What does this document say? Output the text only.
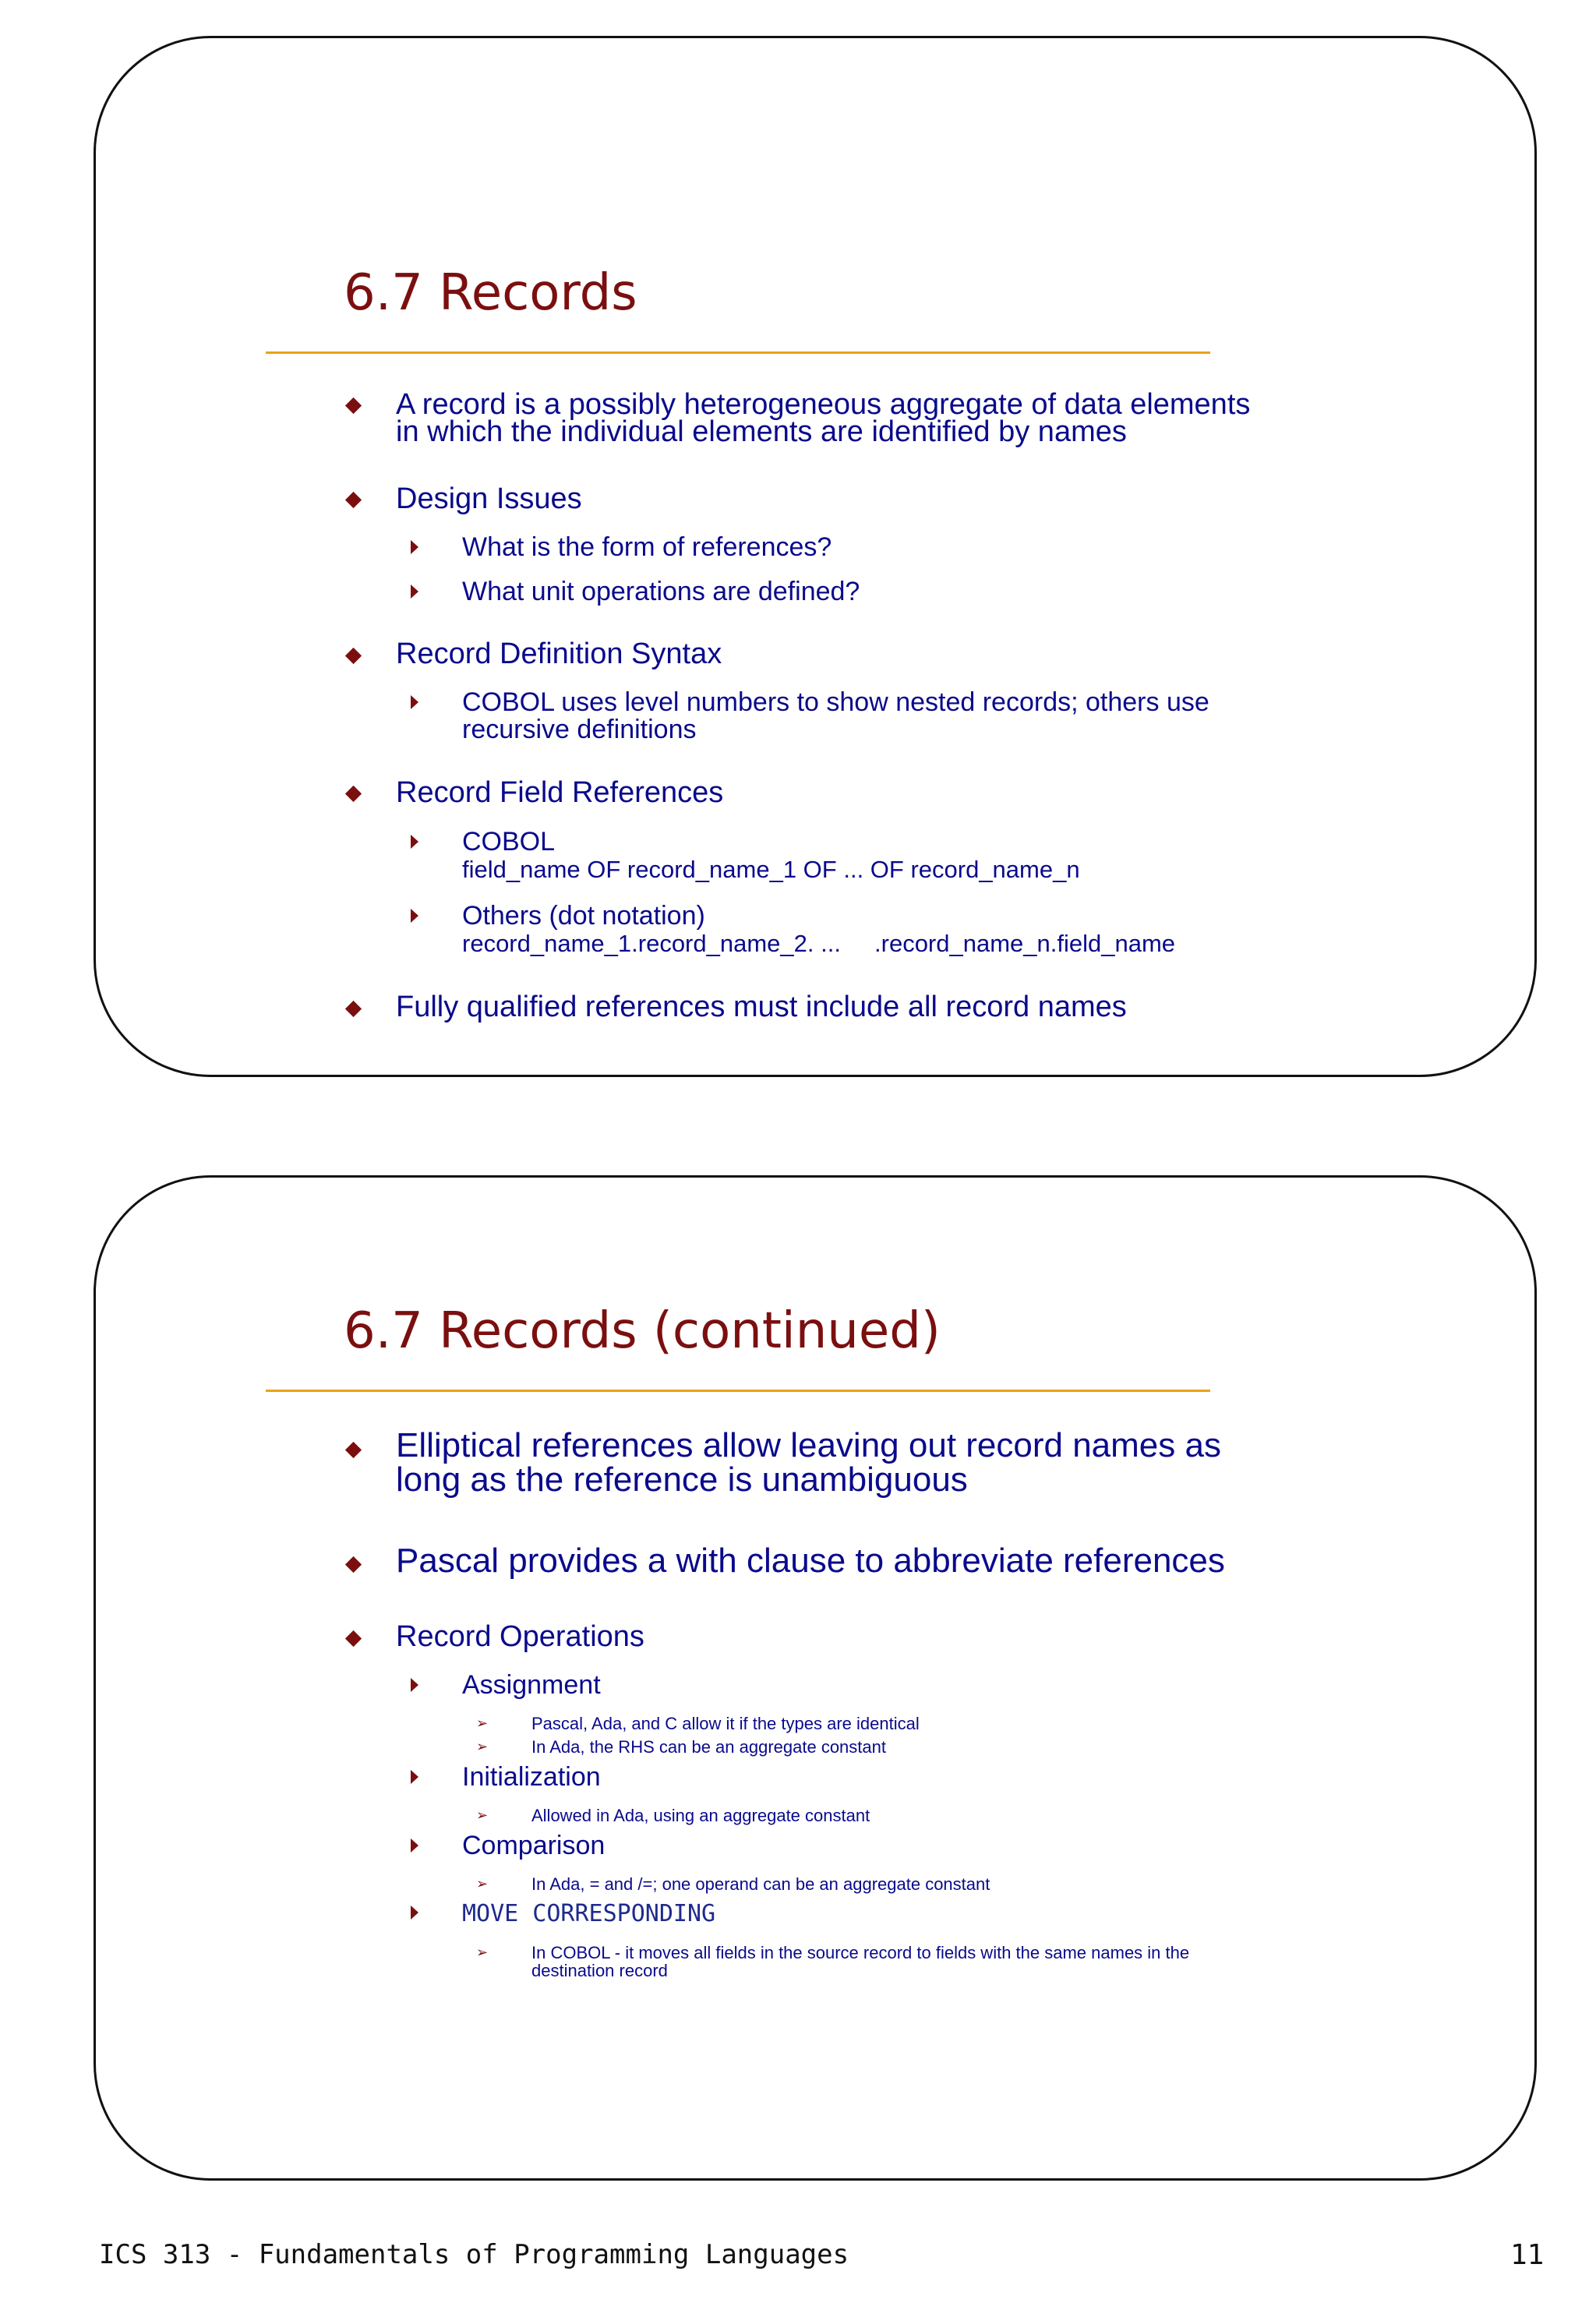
6.7 Records
A record is a possibly heterogeneous aggregate of data elements
in which the individual elements are identified by names
Design Issues
What is the form of references?
What unit operations are defined?
Record Definition Syntax
COBOL uses level numbers to show nested records; others use
recursive definitions
Record Field References
COBOL
field_name OF record_name_1 OF ... OF record_name_n
Others (dot notation)
record_name_1.record_name_2. ...     .record_name_n.field_name
Fully qualified references must include all record names
6.7 Records (continued)
Elliptical references allow leaving out record names as
long as the reference is unambiguous
Pascal provides a with clause to abbreviate references
Record Operations
Assignment
➢	Pascal, Ada, and C allow it if the types are identical
➢	In Ada, the RHS can be an aggregate constant
Initialization
➢	Allowed in Ada, using an aggregate constant
Comparison
➢	In Ada, = and /=; one operand can be an aggregate constant
MOVE CORRESPONDING
➢	In COBOL - it moves all fields in the source record to fields with the same names in the
destination record
ICS 313 - Fundamentals of Programming Languages	11
